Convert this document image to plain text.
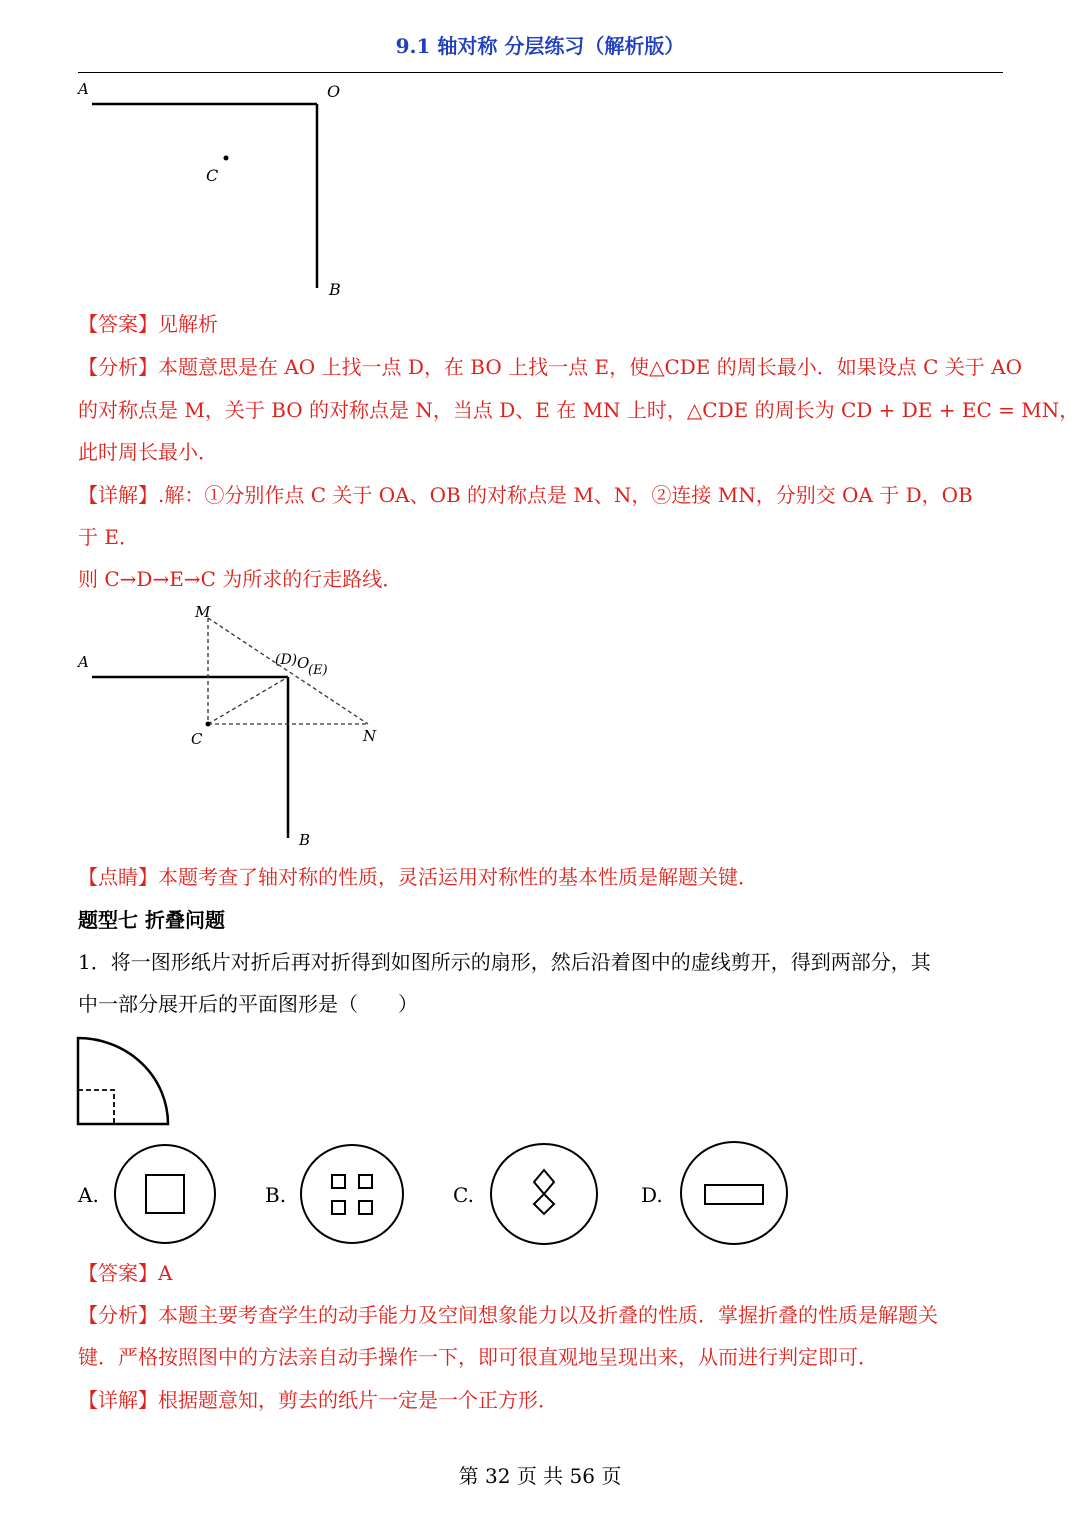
9.1 轴对称 分层练习（解析版）
A	O
C
B
【答案】见解析
【分析】本题意思是在 AO 上找一点 D，在 BO 上找一点 E，使△CDE 的周长最小．如果设点 C 关于 AO
的对称点是 M，关于 BO 的对称点是 N，当点 D、E 在 MN 上时，△CDE 的周长为 CD + DE + EC = MN，
此时周长最小．
【详解】.解：①分别作点 C 关于 OA、OB 的对称点是 M、N，②连接 MN，分别交 OA 于 D，OB
于 E．
则 C→D→E→C 为所求的行走路线．
M
A	(D) O
(E)
C	N
B
【点睛】本题考查了轴对称的性质，灵活运用对称性的基本性质是解题关键．
题型七 折叠问题
1．将一图形纸片对折后再对折得到如图所示的扇形，然后沿着图中的虚线剪开，得到两部分，其
中一部分展开后的平面图形是（　　）
A.	B.	C.	D.
【答案】A
【分析】本题主要考查学生的动手能力及空间想象能力以及折叠的性质．掌握折叠的性质是解题关
键．严格按照图中的方法亲自动手操作一下，即可很直观地呈现出来，从而进行判定即可．
【详解】根据题意知，剪去的纸片一定是一个正方形．
第 32 页 共 56 页
